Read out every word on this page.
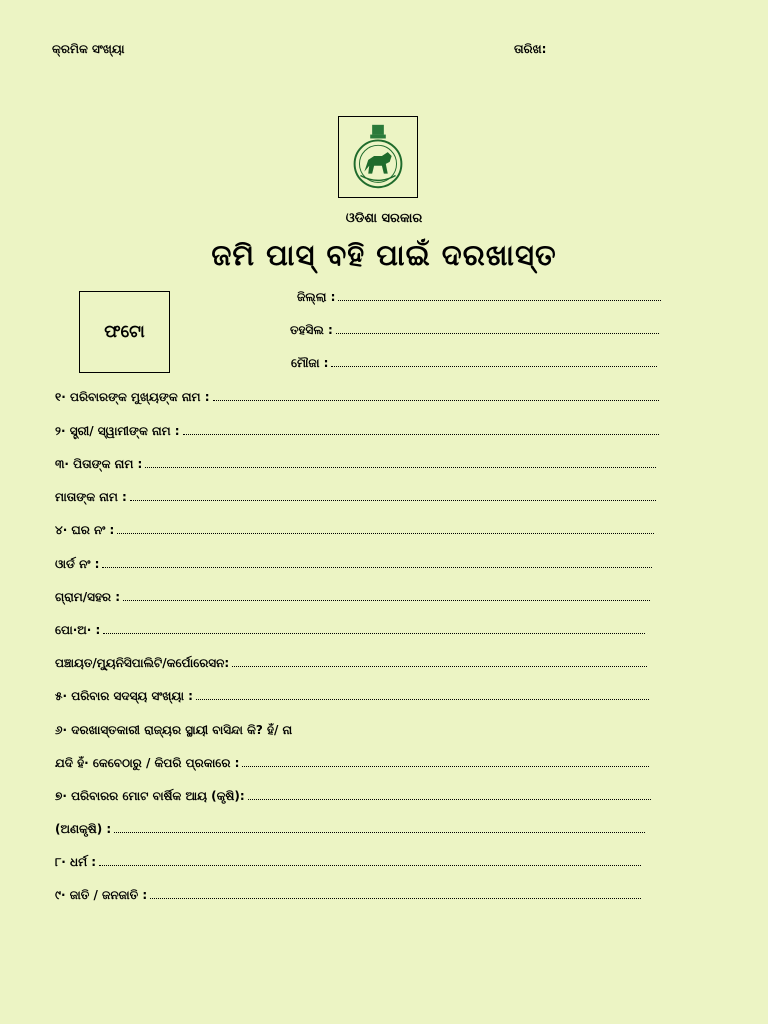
କ୍ରମିକ ସଂଖ୍ୟା	ତାରିଖ:
ଓଡିଶା ସରକାର
ଜମି ପାସ୍ ବହି ପାଇଁ ଦରଖାସ୍ତ
ଫଟୋ
ଜିଲ୍ଲା :
ତହସିଲ :
ମୌଜା :
୧· ପରିବାରଙ୍କ ମୁଖ୍ୟଙ୍କ ନାମ :
୨· ସ୍ତ୍ରୀ/ ସ୍ୱାମୀଙ୍କ ନାମ :
୩· ପିତାଙ୍କ ନାମ :
ମାତାଙ୍କ ନାମ :
୪· ଘର ନଂ :
ଓାର୍ଡ ନଂ :
ଗ୍ରାମ/ସହର :
ପୋ·ଅ· :
ପଞ୍ଚାୟତ/ମ୍ୟୁନିସିପାଲିଟି/କର୍ପୋରେସନ:
୫· ପରିବାର ସଦସ୍ୟ ସଂଖ୍ୟା :
୬· ଦରଖାସ୍ତକାରୀ ରାଜ୍ୟର ସ୍ଥାୟୀ ବାସିନ୍ଦା କି? ହଁ/ ନା
ଯଦି ହଁ· କେବେଠାରୁ / କିପରି ପ୍ରକାରେ :
୭· ପରିବାରର ମୋଟ ବାର୍ଷିକ ଆୟ (କୃଷି):
(ଅଣକୃଷି) :
୮· ଧର୍ମ :
୯· ଜାତି / ଜନଜାତି :
